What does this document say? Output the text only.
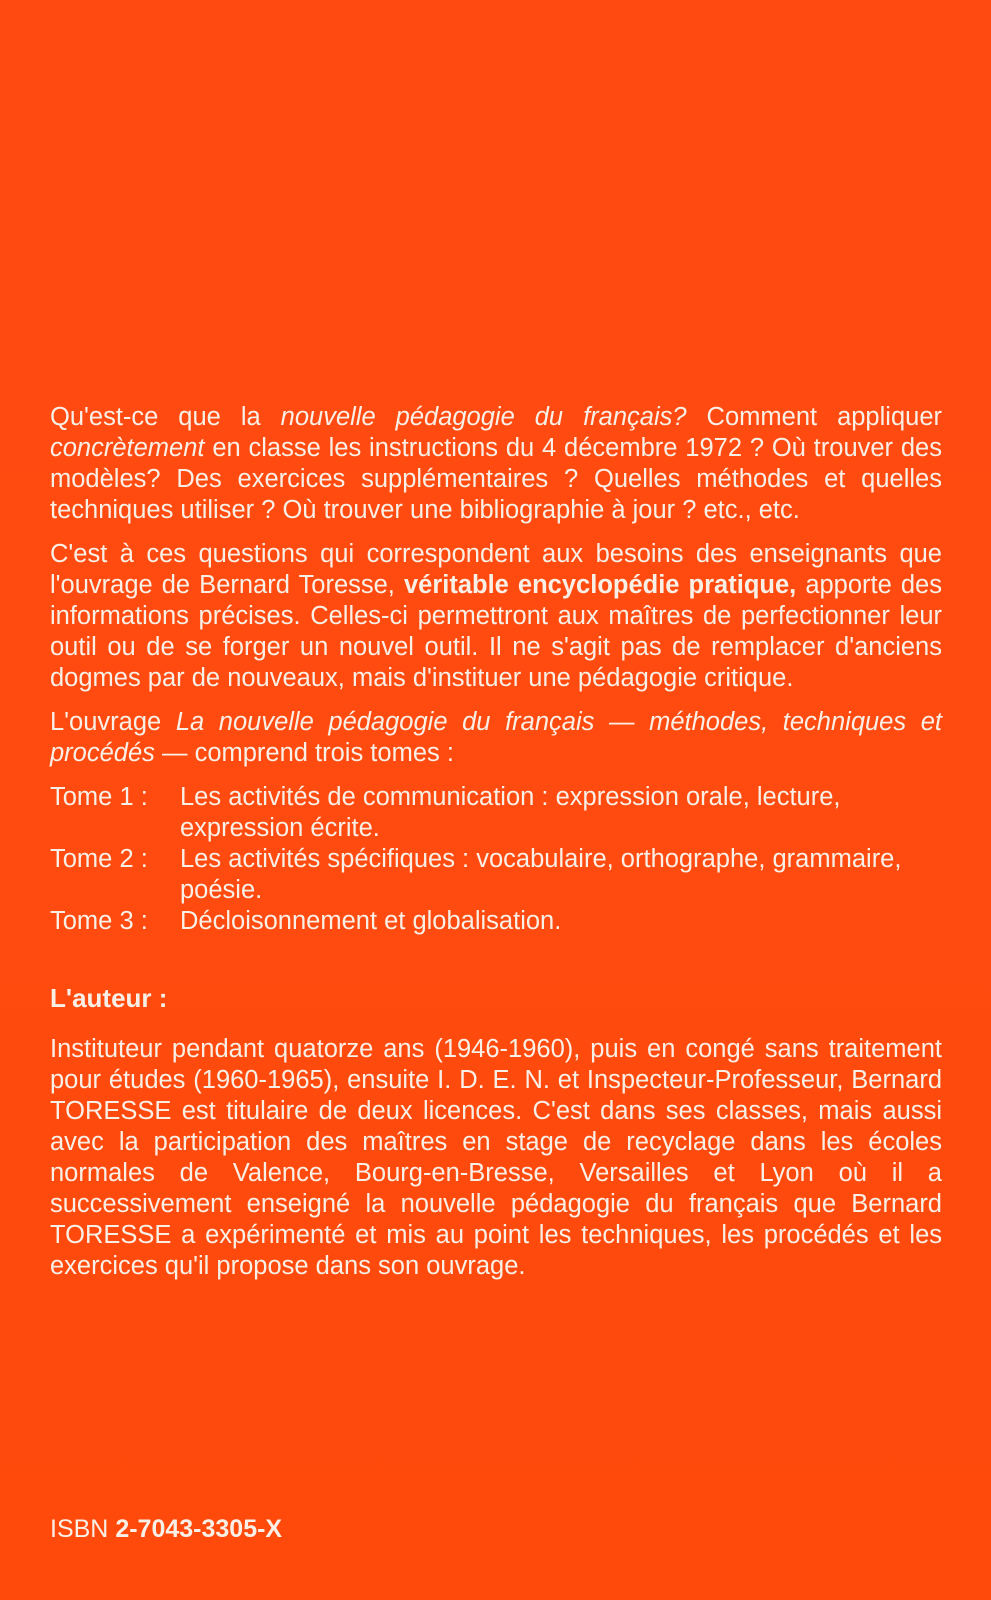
Qu'est-ce que la nouvelle pédagogie du français? Comment appliquer concrètement en classe les instructions du 4 décembre 1972 ? Où trouver des modèles? Des exercices supplémentaires ? Quelles méthodes et quelles techniques utiliser ? Où trouver une bibliographie à jour ? etc., etc.

C'est à ces questions qui correspondent aux besoins des enseignants que l'ouvrage de Bernard Toresse, véritable encyclopédie pratique, apporte des informations précises. Celles-ci permettront aux maîtres de perfectionner leur outil ou de se forger un nouvel outil. Il ne s'agit pas de remplacer d'anciens dogmes par de nouveaux, mais d'instituer une pédagogie critique.

L'ouvrage La nouvelle pédagogie du français — méthodes, techniques et procédés — comprend trois tomes :

Tome 1 :	Les activités de communication : expression orale, lecture, expression écrite.
Tome 2 :	Les activités spécifiques : vocabulaire, orthographe, grammaire, poésie.
Tome 3 :	Décloisonnement et globalisation.
L'auteur :

Instituteur pendant quatorze ans (1946-1960), puis en congé sans traitement pour études (1960-1965), ensuite I. D. E. N. et Inspecteur-Professeur, Bernard TORESSE est titulaire de deux licences. C'est dans ses classes, mais aussi avec la participation des maîtres en stage de recyclage dans les écoles normales de Valence, Bourg-en-Bresse, Versailles et Lyon où il a successivement enseigné la nouvelle pédagogie du français que Bernard TORESSE a expérimenté et mis au point les techniques, les procédés et les exercices qu'il propose dans son ouvrage.

ISBN 2-7043-3305-X
